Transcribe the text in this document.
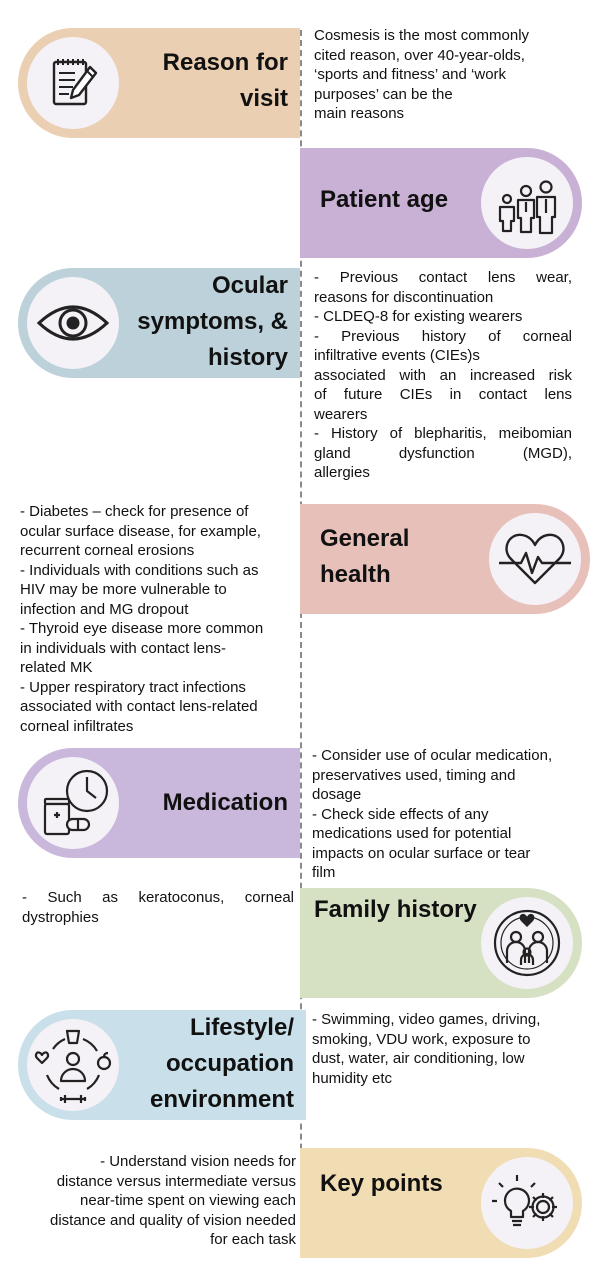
Reason for
visit
Cosmesis is the most commonly
cited reason, over 40-year-olds,
‘sports and fitness’ and ‘work
purposes’ can be the
main reasons
Patient age
Ocular
symptoms, &
history
- Previous contact lens wear,
reasons for discontinuation
- CLDEQ-8 for existing wearers
- Previous history of corneal
infiltrative events (CIEs)s
associated with an increased risk
of future CIEs in contact lens
wearers
- History of blepharitis, meibomian
gland dysfunction (MGD),
allergies
General
health
- Diabetes – check for presence of
ocular surface disease, for example,
recurrent corneal erosions
- Individuals with conditions such as
HIV may be more vulnerable to
infection and MG dropout
- Thyroid eye disease more common
in individuals with contact lens-
related MK
- Upper respiratory tract infections
associated with contact lens-related
corneal infiltrates
Medication
- Consider use of ocular medication,
preservatives used, timing and
dosage
- Check side effects of any
medications used for potential
impacts on ocular surface or tear
film
Family history
- Such as keratoconus, corneal
dystrophies
Lifestyle/
occupation
environment
- Swimming, video games, driving,
smoking, VDU work, exposure to
dust, water, air conditioning, low
humidity etc
Key points
- Understand vision needs for
distance versus intermediate versus
near-time spent on viewing each
distance and quality of vision needed
for each task
